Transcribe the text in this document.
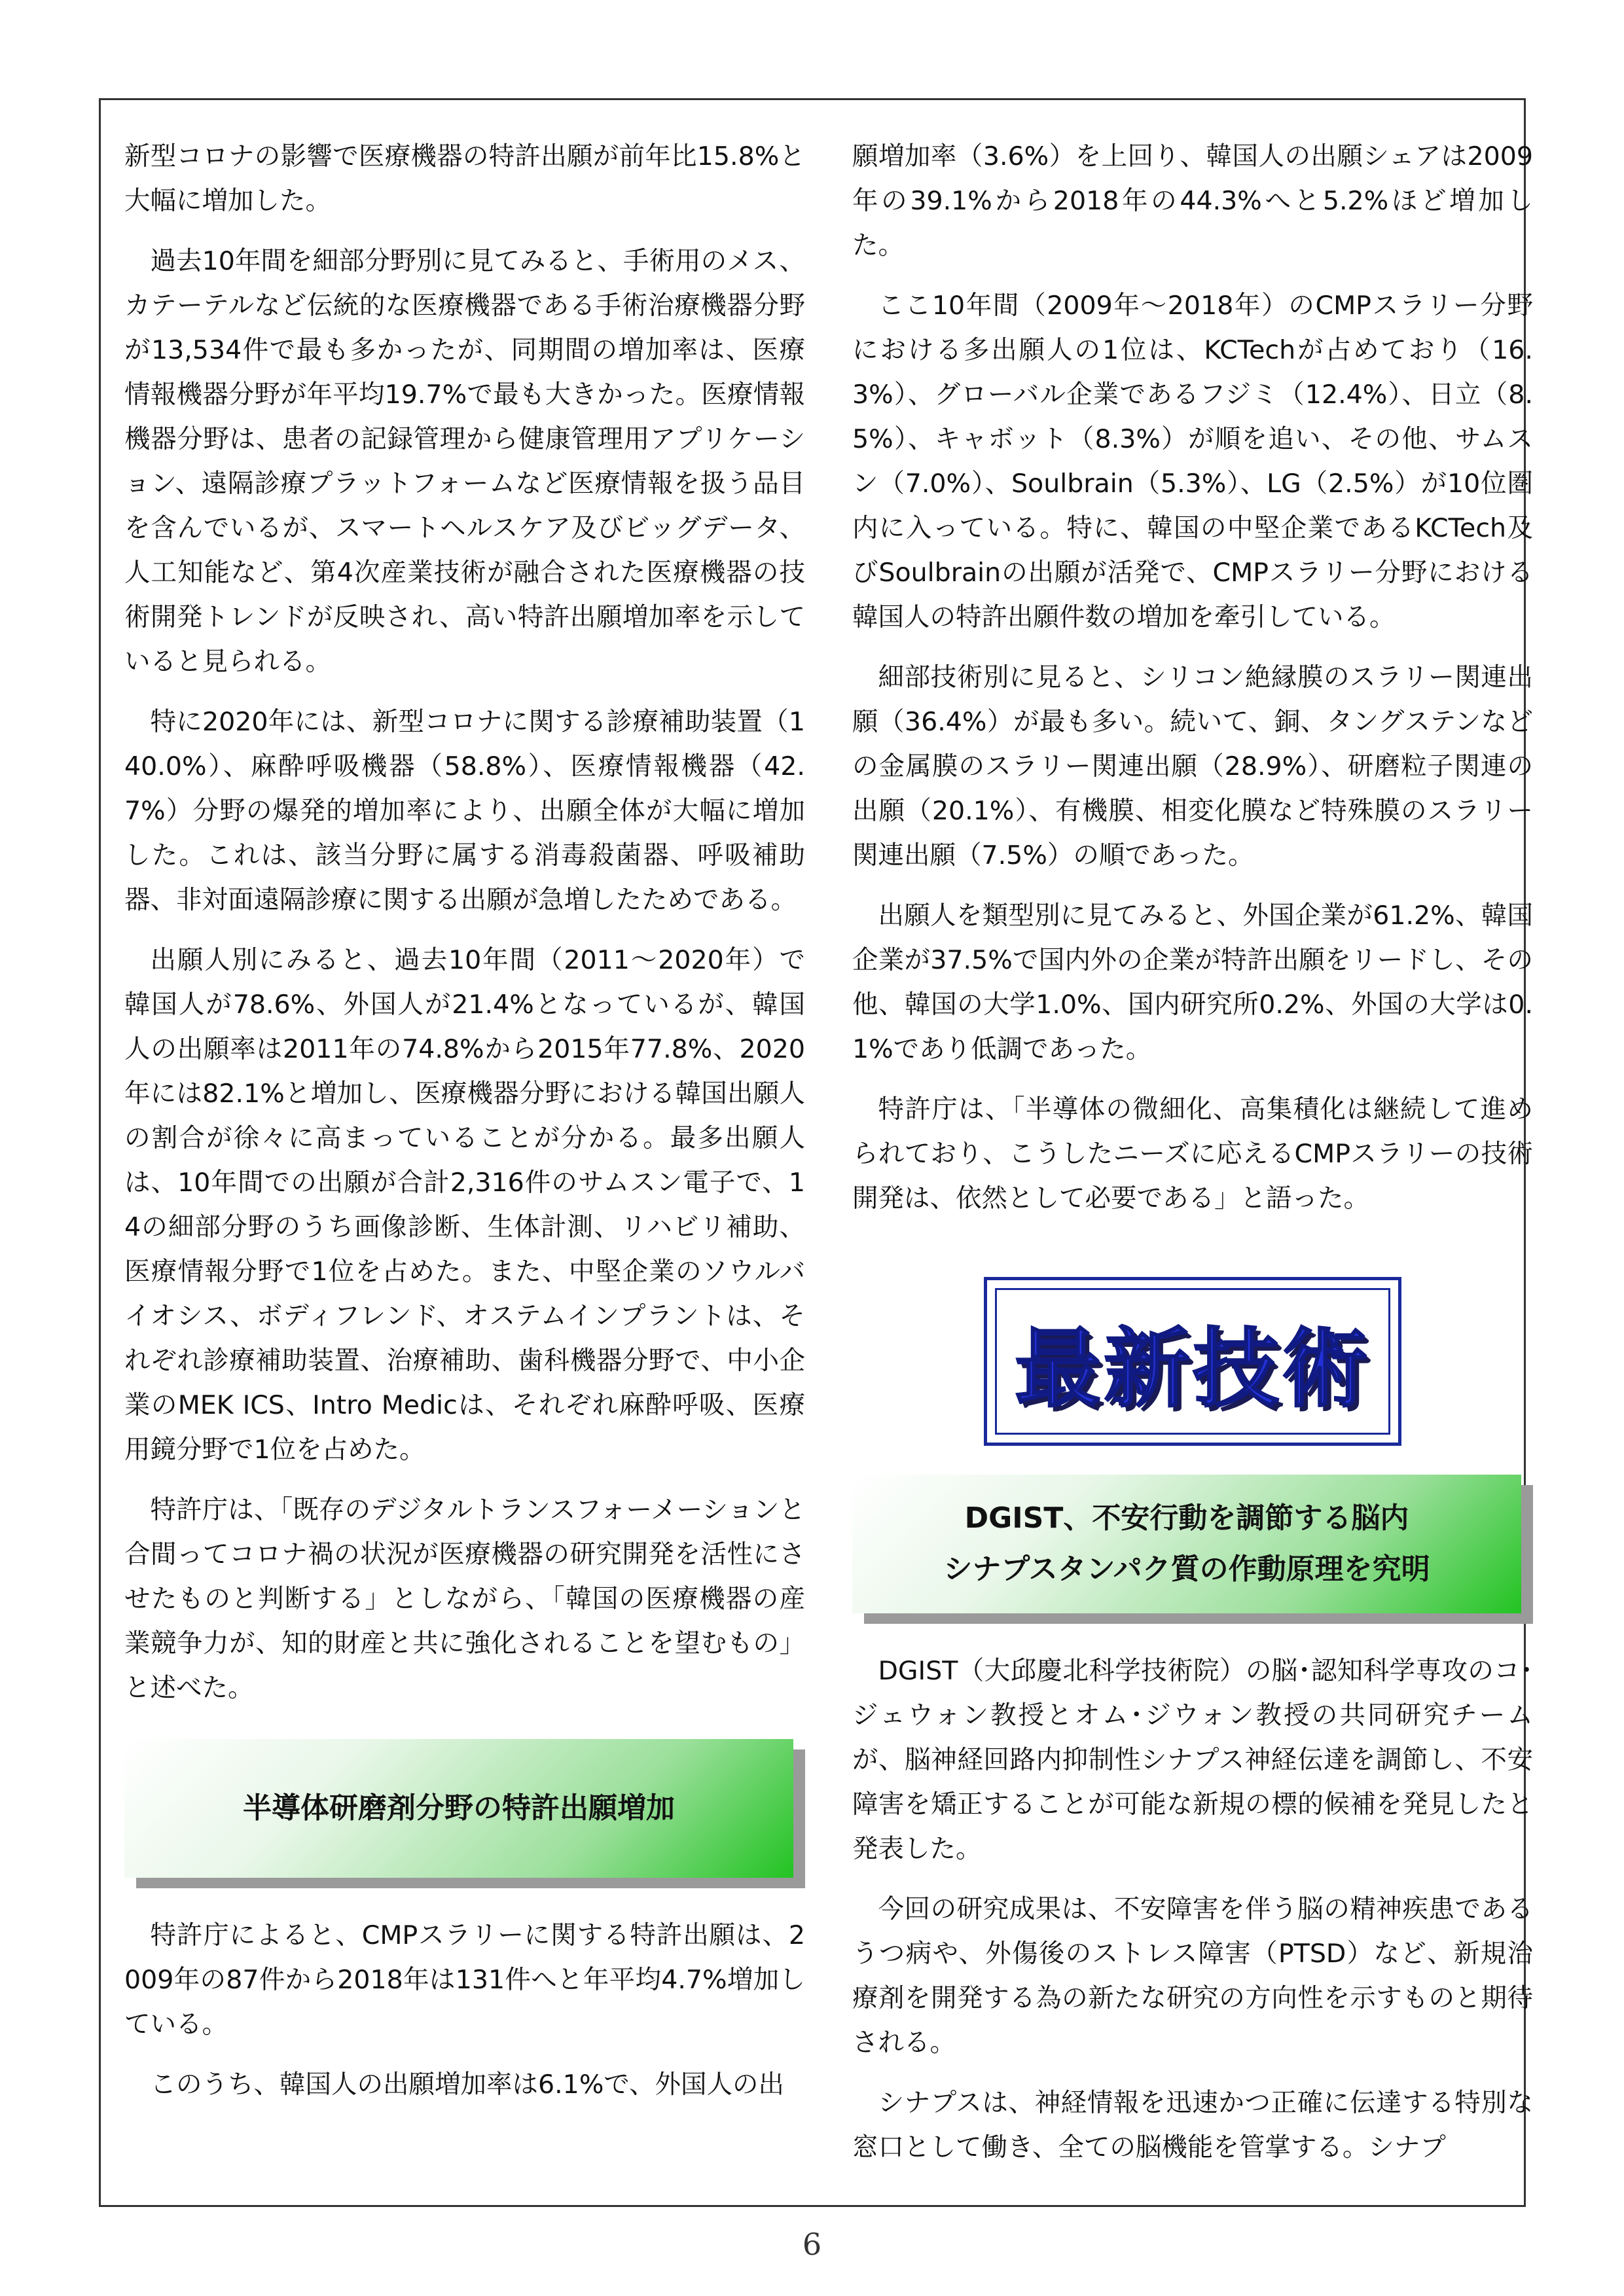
新型コロナの影響で医療機器の特許出願が前年比15.8%と大幅に増加した。

過去10年間を細部分野別に見てみると、手術用のメス、カテーテルなど伝統的な医療機器である手術治療機器分野が13,534件で最も多かったが、同期間の増加率は、医療情報機器分野が年平均19.7%で最も大きかった。医療情報機器分野は、患者の記録管理から健康管理用アプリケーション、遠隔診療プラットフォームなど医療情報を扱う品目を含んでいるが、スマートヘルスケア及びビッグデータ、人工知能など、第4次産業技術が融合された医療機器の技術開発トレンドが反映され、高い特許出願増加率を示していると見られる。

特に2020年には、新型コロナに関する診療補助装置（140.0%）、麻酔呼吸機器（58.8%）、医療情報機器（42.7%）分野の爆発的増加率により、出願全体が大幅に増加した。これは、該当分野に属する消毒殺菌器、呼吸補助器、非対面遠隔診療に関する出願が急増したためである。

出願人別にみると、過去10年間（2011～2020年）で韓国人が78.6%、外国人が21.4%となっているが、韓国人の出願率は2011年の74.8%から2015年77.8%、2020年には82.1%と増加し、医療機器分野における韓国出願人の割合が徐々に高まっていることが分かる。最多出願人は、10年間での出願が合計2,316件のサムスン電子で、14の細部分野のうち画像診断、生体計測、リハビリ補助、医療情報分野で1位を占めた。また、中堅企業のソウルバイオシス、ボディフレンド、オステムインプラントは、それぞれ診療補助装置、治療補助、歯科機器分野で、中小企業のMEK ICS、Intro Medicは、それぞれ麻酔呼吸、医療用鏡分野で1位を占めた。

特許庁は、「既存のデジタルトランスフォーメーションと合間ってコロナ禍の状況が医療機器の研究開発を活性にさせたものと判断する」としながら、「韓国の医療機器の産業競争力が、知的財産と共に強化されることを望むもの」と述べた。

半導体研磨剤分野の特許出願増加

特許庁によると、CMPスラリーに関する特許出願は、2009年の87件から2018年は131件へと年平均4.7%増加している。

このうち、韓国人の出願増加率は6.1%で、外国人の出

願増加率（3.6%）を上回り、韓国人の出願シェアは2009年の39.1%から2018年の44.3%へと5.2%ほど増加した。

ここ10年間（2009年～2018年）のCMPスラリー分野における多出願人の1位は、KCTechが占めており（16.3%）、グローバル企業であるフジミ（12.4%）、日立（8.5%）、キャボット（8.3%）が順を追い、その他、サムスン（7.0%）、Soulbrain（5.3%）、LG（2.5%）が10位圏内に入っている。特に、韓国の中堅企業であるKCTech及びSoulbrainの出願が活発で、CMPスラリー分野における韓国人の特許出願件数の増加を牽引している。

細部技術別に見ると、シリコン絶縁膜のスラリー関連出願（36.4%）が最も多い。続いて、銅、タングステンなどの金属膜のスラリー関連出願（28.9%）、研磨粒子関連の出願（20.1%）、有機膜、相変化膜など特殊膜のスラリー関連出願（7.5%）の順であった。

出願人を類型別に見てみると、外国企業が61.2%、韓国企業が37.5%で国内外の企業が特許出願をリードし、その他、韓国の大学1.0%、国内研究所0.2%、外国の大学は0.1%であり低調であった。

特許庁は、「半導体の微細化、高集積化は継続して進められており、こうしたニーズに応えるCMPスラリーの技術開発は、依然として必要である」と語った。

最新技術
DGIST、不安行動を調節する脳内
シナプスタンパク質の作動原理を究明

DGIST（大邱慶北科学技術院）の脳･認知科学専攻のコ･ジェウォン教授とオム･ジウォン教授の共同研究チームが、脳神経回路内抑制性シナプス神経伝達を調節し、不安障害を矯正することが可能な新規の標的候補を発見したと発表した。

今回の研究成果は、不安障害を伴う脳の精神疾患であるうつ病や、外傷後のストレス障害（PTSD）など、新規治療剤を開発する為の新たな研究の方向性を示すものと期待される。

シナプスは、神経情報を迅速かつ正確に伝達する特別な窓口として働き、全ての脳機能を管掌する。シナプ

6
